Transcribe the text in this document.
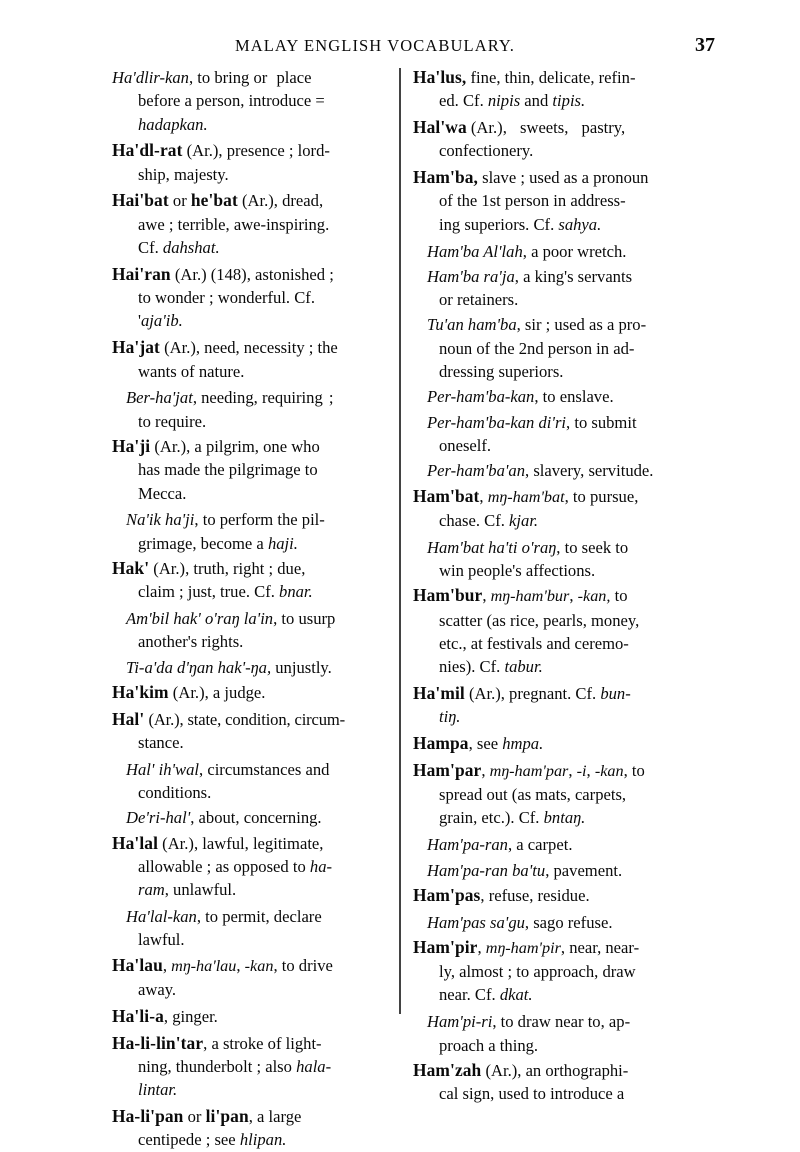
MALAY ENGLISH VOCABULARY.	37

Ha'dlir-kan, to bring or place
before a person, introduce =
hadapkan.

Ha'dl-rat (Ar.), presence ; lord-
ship, majesty.

Hai'bat or he'bat (Ar.), dread,
awe ; terrible, awe-inspiring.
Cf. dahshat.

Hai'ran (Ar.) (148), astonished ;
to wonder ; wonderful. Cf.
'aja'ib.

Ha'jat (Ar.), need, necessity ; the
wants of nature.

Ber-ha'jat, needing, requiring ;
to require.

Ha'ji (Ar.), a pilgrim, one who
has made the pilgrimage to
Mecca.

Na'ik ha'ji, to perform the pil-
grimage, become a haji.

Hak' (Ar.), truth, right ; due,
claim ; just, true. Cf. bnar.

Am'bil hak' o'raŋ la'in, to usurp
another's rights.

Ti-a'da d'ŋan hak'-ŋa, unjustly.

Ha'kim (Ar.), a judge.

Hal' (Ar.), state, condition, circum-
stance.

Hal' ih'wal, circumstances and
conditions.

De'ri-hal', about, concerning.

Ha'lal (Ar.), lawful, legitimate,
allowable ; as opposed to ha-
ram, unlawful.

Ha'lal-kan, to permit, declare
lawful.

Ha'lau, mŋ-ha'lau, -kan, to drive
away.

Ha'li-a, ginger.

Ha-li-lin'tar, a stroke of light-
ning, thunderbolt ; also hala-
lintar.

Ha-li'pan or li'pan, a large
centipede ; see hlipan.

Ha'lus, fine, thin, delicate, refin-
ed. Cf. nipis and tipis.

Hal'wa (Ar.), sweets, pastry,
confectionery.

Ham'ba, slave ; used as a pronoun
of the 1st person in address-
ing superiors. Cf. sahya.

Ham'ba Al'lah, a poor wretch.

Ham'ba ra'ja, a king's servants
or retainers.

Tu'an ham'ba, sir ; used as a pro-
noun of the 2nd person in ad-
dressing superiors.

Per-ham'ba-kan, to enslave.

Per-ham'ba-kan di'ri, to submit
oneself.

Per-ham'ba'an, slavery, servitude.

Ham'bat, mŋ-ham'bat, to pursue,
chase. Cf. kjar.

Ham'bat ha'ti o'raŋ, to seek to
win people's affections.

Ham'bur, mŋ-ham'bur, -kan, to
scatter (as rice, pearls, money,
etc., at festivals and ceremo-
nies). Cf. tabur.

Ha'mil (Ar.), pregnant. Cf. bun-
tiŋ.

Hampa, see hmpa.

Ham'par, mŋ-ham'par, -i, -kan, to
spread out (as mats, carpets,
grain, etc.). Cf. bntaŋ.

Ham'pa-ran, a carpet.

Ham'pa-ran ba'tu, pavement.

Ham'pas, refuse, residue.

Ham'pas sa'gu, sago refuse.

Ham'pir, mŋ-ham'pir, near, near-
ly, almost ; to approach, draw
near. Cf. dkat.

Ham'pi-ri, to draw near to, ap-
proach a thing.

Ham'zah (Ar.), an orthographi-
cal sign, used to introduce a
